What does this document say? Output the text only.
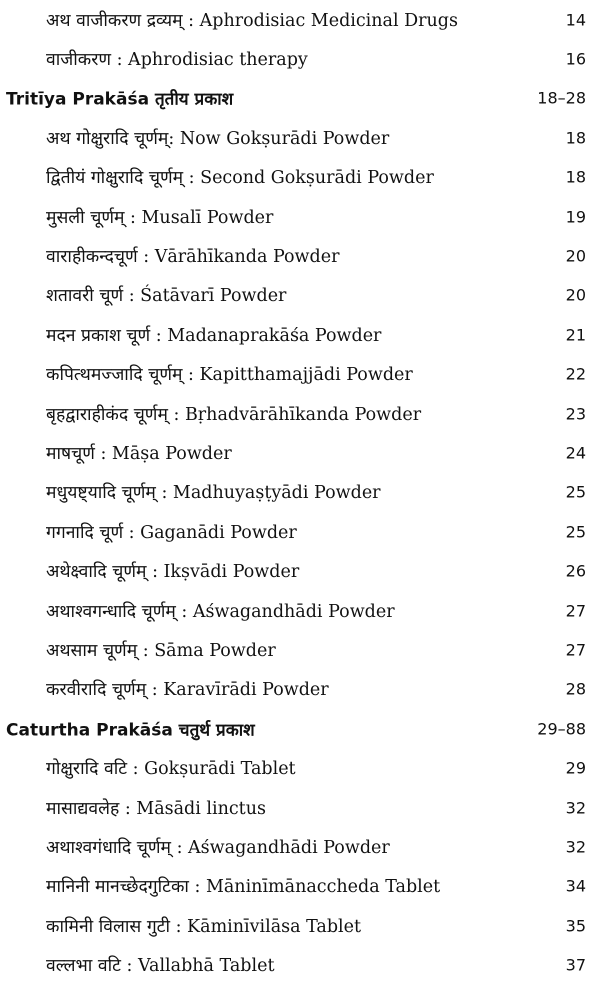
अथ वाजीकरण द्रव्यम् : Aphrodisiac Medicinal Drugs	14
वाजीकरण : Aphrodisiac therapy	16
Tritīya Prakāśa तृतीय प्रकाश	18–28
अथ गोक्षुरादि चूर्णम्: Now Gokṣurādi Powder	18
द्वितीयं गोक्षुरादि चूर्णम् : Second Gokṣurādi Powder	18
मुसली चूर्णम् : Musalī Powder	19
वाराहीकन्दचूर्ण : Vārāhīkanda Powder	20
शतावरी चूर्ण : Śatāvarī Powder	20
मदन प्रकाश चूर्ण : Madanaprakāśa Powder	21
कपित्थमज्जादि चूर्णम् : Kapitthamajjādi Powder	22
बृहद्वाराहीकंद चूर्णम् : Bṛhadvārāhīkanda Powder	23
माषचूर्ण : Māṣa Powder	24
मधुयष्ट्यादि चूर्णम् : Madhuyaṣṭyādi Powder	25
गगनादि चूर्ण : Gaganādi Powder	25
अथेक्ष्वादि चूर्णम् : Ikṣvādi Powder	26
अथाश्वगन्धादि चूर्णम् : Aśwagandhādi Powder	27
अथसाम चूर्णम् : Sāma Powder	27
करवीरादि चूर्णम् : Karavīrādi Powder	28
Caturtha Prakāśa चतुर्थ प्रकाश	29–88
गोक्षुरादि वटि : Gokṣurādi Tablet	29
मासाद्यवलेह : Māsādi linctus	32
अथाश्वगंधादि चूर्णम् : Aśwagandhādi Powder	32
मानिनी मानच्छेदगुटिका : Māninīmānaccheda Tablet	34
कामिनी विलास गुटी : Kāminīvilāsa Tablet	35
वल्लभा वटि : Vallabhā Tablet	37
